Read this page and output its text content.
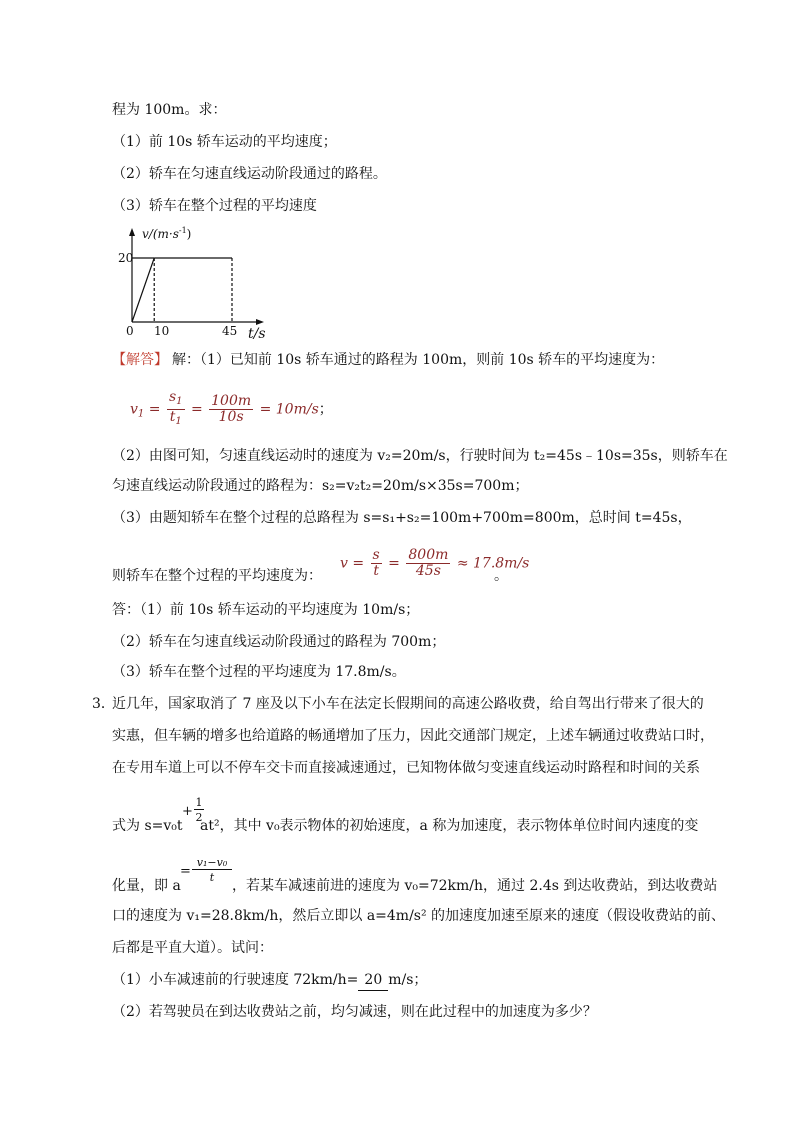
程为 100m。求：
（1）前 10s 轿车运动的平均速度；
（2）轿车在匀速直线运动阶段通过的路程。
（3）轿车在整个过程的平均速度
$v/(m\cdot s^{-1})$
20
0 10	45 t/s
【解答】 解：（1）已知前 10s 轿车通过的路程为 100m，则前 10s 轿车的平均速度为：
$v_1 = \frac{s_1}{t_1} = \frac{100m}{10s} = 10m/s$；
（2）由图可知，匀速直线运动时的速度为 v₂=20m/s，行驶时间为 t₂=45s﹣10s=35s，则轿车在
匀速直线运动阶段通过的路程为：s₂=v₂t₂=20m/s×35s=700m；
（3）由题知轿车在整个过程的总路程为 s=s₁+s₂=100m+700m=800m，总时间 t=45s，
则轿车在整个过程的平均速度为：
$v = \frac{s}{t} = \frac{800m}{45s} \approx 17.8m/s$
。
答：（1）前 10s 轿车运动的平均速度为 10m/s；
（2）轿车在匀速直线运动阶段通过的路程为 700m；
（3）轿车在整个过程的平均速度为 17.8m/s。
3．
近几年，国家取消了 7 座及以下小车在法定长假期间的高速公路收费，给自驾出行带来了很大的
实惠，但车辆的增多也给道路的畅通增加了压力，因此交通部门规定，上述车辆通过收费站口时，
在专用车道上可以不停车交卡而直接减速通过，已知物体做匀变速直线运动时路程和时间的关系
式为 s=v₀t
+
1
2
at²，其中 v₀表示物体的初始速度，a 称为加速度，表示物体单位时间内速度的变
化量，即 a
=
v₁−v₀
t
，若某车减速前进的速度为 v₀=72km/h，通过 2.4s 到达收费站，到达收费站
口的速度为 v₁=28.8km/h，然后立即以 a=4m/s² 的加速度加速至原来的速度（假设收费站的前、
后都是平直大道）。试问：
（1）小车减速前的行驶速度 72km/h= 20 m/s；
（2）若驾驶员在到达收费站之前，均匀减速，则在此过程中的加速度为多少？
